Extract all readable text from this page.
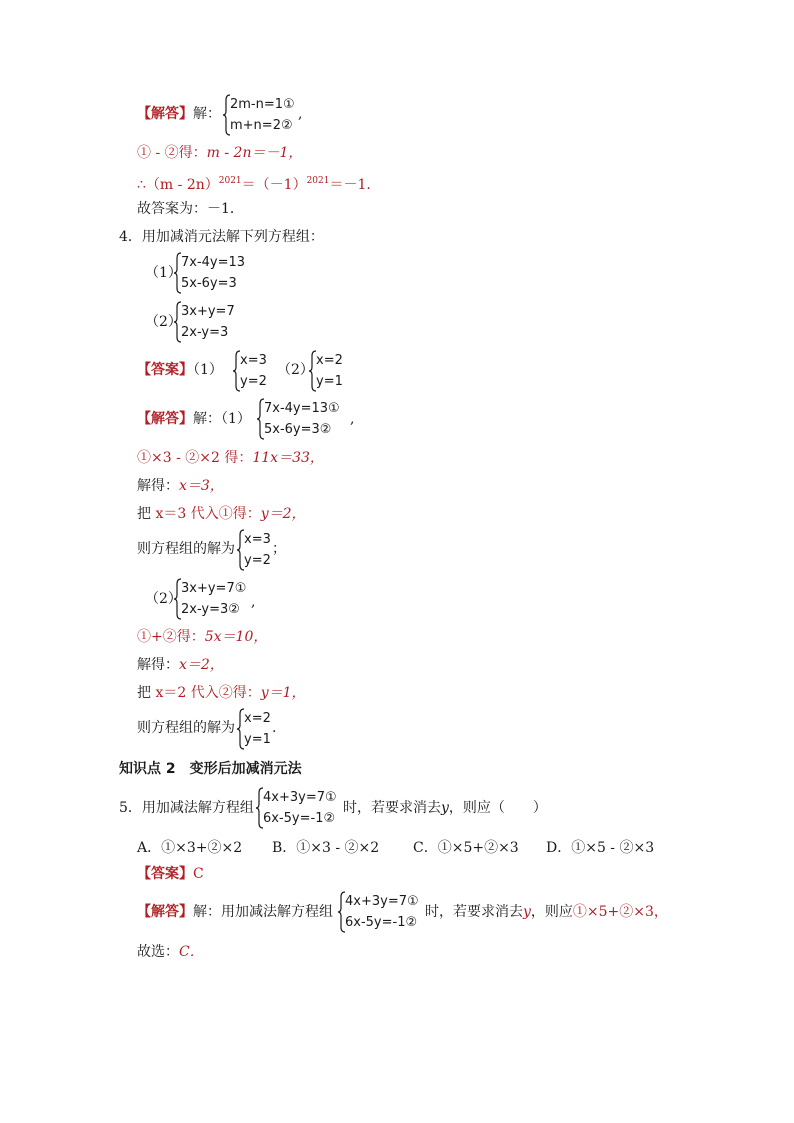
【解答】解：
2m-n=1①
m+n=2②
,
① - ②得：m - 2n＝－1，
∴（m - $2n)^{2021}=(-1)^{2021}=-1$．
故答案为：－1．
4．用加减消元法解下列方程组：
（1）
7x-4y=13
5x-6y=3
（2）
3x+y=7
2x-y=3
【答案】（1）
x=3
y=2
（2）
x=2
y=1
【解答】解：（1）
7x-4y=13①
5x-6y=3②
,
①×3 - ②×2 得：11x＝33，
解得：x＝3，
把 x＝3 代入①得：y＝2，
则方程组的解为
x=3
y=2
；
（2）
3x+y=7①
2x-y=3② ,
①+②得：5x＝10，
解得：x＝2，
把 x＝2 代入②得：y＝1，
则方程组的解为
x=2
y=1
.
知识点 2　变形后加减消元法
5．用加减法解方程组
4x+3y=7①
6x-5y=-1②
时，若要求消去y，则应（　　）
A．①×3+②×2 B．①×3 - ②×2 C．①×5+②×3 D．①×5 - ②×3
【答案】C
【解答】解：用加减法解方程组
4x+3y=7①
6x-5y=-1②
时，若要求消去y，则应①×5+②×3，
故选：C．
